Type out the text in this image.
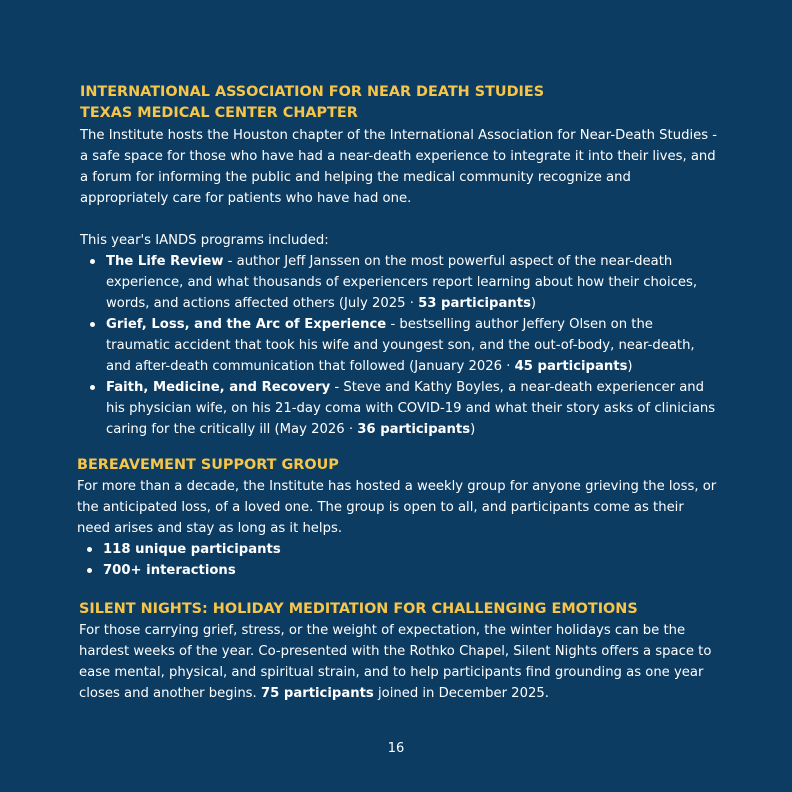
INTERNATIONAL ASSOCIATION FOR NEAR DEATH STUDIES
TEXAS MEDICAL CENTER CHAPTER

The Institute hosts the Houston chapter of the International Association for Near-Death Studies - a safe space for those who have had a near-death experience to integrate it into their lives, and a forum for informing the public and helping the medical community recognize and appropriately care for patients who have had one.

This year's IANDS programs included:

The Life Review - author Jeff Janssen on the most powerful aspect of the near-death experience, and what thousands of experiencers report learning about how their choices, words, and actions affected others (July 2025 · 53 participants)
Grief, Loss, and the Arc of Experience - bestselling author Jeffery Olsen on the traumatic accident that took his wife and youngest son, and the out-of-body, near-death, and after-death communication that followed (January 2026 · 45 participants)
Faith, Medicine, and Recovery - Steve and Kathy Boyles, a near-death experiencer and his physician wife, on his 21-day coma with COVID-19 and what their story asks of clinicians caring for the critically ill (May 2026 · 36 participants)
BEREAVEMENT SUPPORT GROUP

For more than a decade, the Institute has hosted a weekly group for anyone grieving the loss, or the anticipated loss, of a loved one. The group is open to all, and participants come as their need arises and stay as long as it helps.

118 unique participants
700+ interactions
SILENT NIGHTS: HOLIDAY MEDITATION FOR CHALLENGING EMOTIONS

For those carrying grief, stress, or the weight of expectation, the winter holidays can be the hardest weeks of the year. Co-presented with the Rothko Chapel, Silent Nights offers a space to ease mental, physical, and spiritual strain, and to help participants find grounding as one year closes and another begins. 75 participants joined in December 2025.

16
